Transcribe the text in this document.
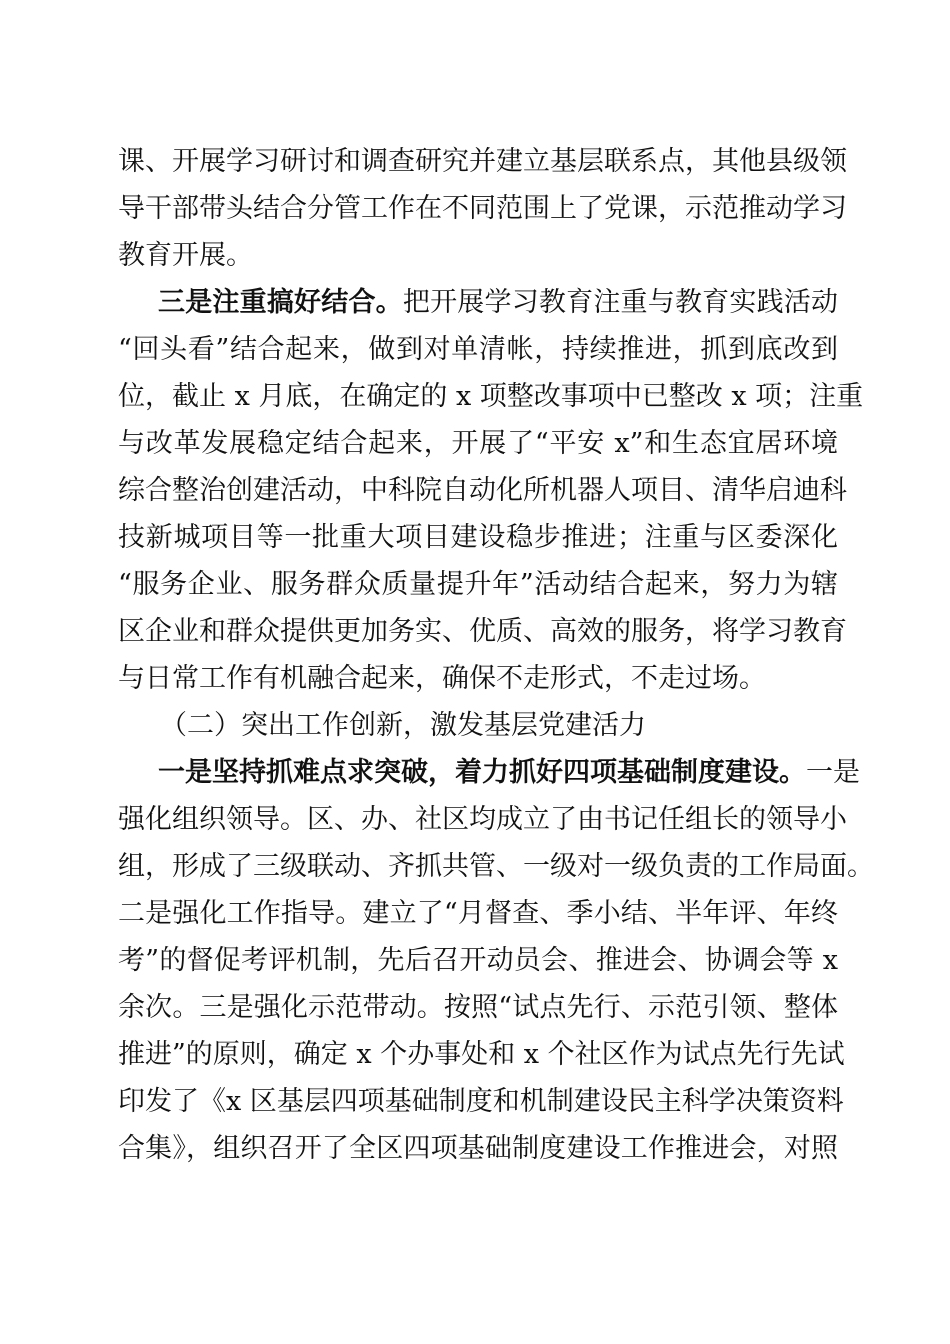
课、开展学习研讨和调查研究并建立基层联系点，其他县级领
导干部带头结合分管工作在不同范围上了党课，示范推动学习
教育开展。
三是注重搞好结合。把开展学习教育注重与教育实践活动
“回头看”结合起来，做到对单清帐，持续推进，抓到底改到
位，截止 x 月底，在确定的 x 项整改事项中已整改 x 项；注重
与改革发展稳定结合起来，开展了“平安 x”和生态宜居环境
综合整治创建活动，中科院自动化所机器人项目、清华启迪科
技新城项目等一批重大项目建设稳步推进；注重与区委深化
“服务企业、服务群众质量提升年”活动结合起来，努力为辖
区企业和群众提供更加务实、优质、高效的服务，将学习教育
与日常工作有机融合起来，确保不走形式，不走过场。
（二）突出工作创新，激发基层党建活力
一是坚持抓难点求突破，着力抓好四项基础制度建设。一是
强化组织领导。区、办、社区均成立了由书记任组长的领导小
组，形成了三级联动、齐抓共管、一级对一级负责的工作局面。
二是强化工作指导。建立了“月督查、季小结、半年评、年终
考”的督促考评机制，先后召开动员会、推进会、协调会等 x
余次。三是强化示范带动。按照“试点先行、示范引领、整体
推进”的原则，确定 x 个办事处和 x 个社区作为试点先行先试
印发了《x 区基层四项基础制度和机制建设民主科学决策资料
合集》，组织召开了全区四项基础制度建设工作推进会，对照
